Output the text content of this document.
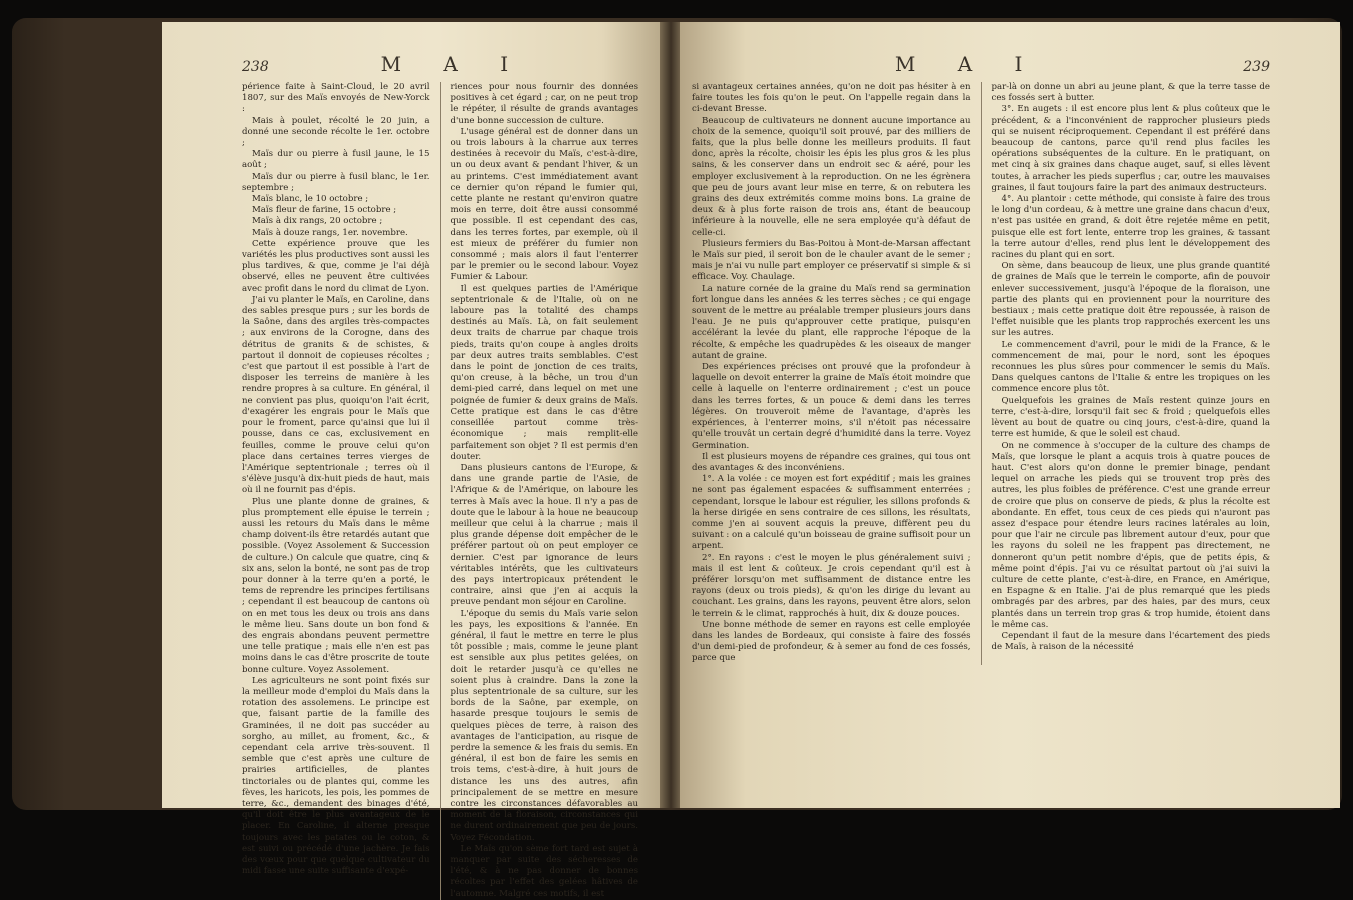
238	M A I

périence faite à Saint-Cloud, le 20 avril 1807, sur des Maïs envoyés de New-Yorck :

Mais à poulet, récolté le 20 juin, a donné une seconde récolte le 1er. octobre ;

Maïs dur ou pierre à fusil jaune, le 15 août ;

Maïs dur ou pierre à fusil blanc, le 1er. septembre ;

Maïs blanc, le 10 octobre ;

Maïs fleur de farine, 15 octobre ;

Maïs à dix rangs, 20 octobre ;

Maïs à douze rangs, 1er. novembre.

Cette expérience prouve que les variétés les plus productives sont aussi les plus tardives, & que, comme je l'ai déjà observé, elles ne peuvent être cultivées avec profit dans le nord du climat de Lyon.

J'ai vu planter le Maïs, en Caroline, dans des sables presque purs ; sur les bords de la Saône, dans des argiles très-compactes ; aux environs de la Corogne, dans des détritus de granits & de schistes, & partout il donnoit de copieuses récoltes ; c'est que partout il est possible à l'art de disposer les terreins de manière à les rendre propres à sa culture. En général, il ne convient pas plus, quoiqu'on l'ait écrit, d'exagérer les engrais pour le Maïs que pour le froment, parce qu'ainsi que lui il pousse, dans ce cas, exclusivement en feuilles, comme le prouve celui qu'on place dans certaines terres vierges de l'Amérique septentrionale ; terres où il s'élève jusqu'à dix-huit pieds de haut, mais où il ne fournit pas d'épis.

Plus une plante donne de graines, & plus promptement elle épuise le terrein ; aussi les retours du Maïs dans le même champ doivent-ils être retardés autant que possible. (Voyez Assolement & Succession de culture.) On calcule que quatre, cinq & six ans, selon la bonté, ne sont pas de trop pour donner à la terre qu'en a porté, le tems de reprendre les principes fertilisans ; cependant il est beaucoup de cantons où on en met tous les deux ou trois ans dans le même lieu. Sans doute un bon fond & des engrais abondans peuvent permettre une telle pratique ; mais elle n'en est pas moins dans le cas d'être proscrite de toute bonne culture. Voyez Assolement.

Les agriculteurs ne sont point fixés sur la meilleur mode d'emploi du Maïs dans la rotation des assolemens. Le principe est que, faisant partie de la famille des Graminées, il ne doit pas succéder au sorgho, au millet, au froment, &c., & cependant cela arrive très-souvent. Il semble que c'est après une culture de prairies artificielles, de plantes tinctoriales ou de plantes qui, comme les fèves, les haricots, les pois, les pommes de terre, &c., demandent des binages d'été, qu'il doit être le plus avantageux de le placer. En Caroline, il alterne presque toujours avec les patates ou le coton, & est suivi ou précédé d'une jachère. Je fais des vœux pour que quelque cultivateur du midi fasse une suite suffisante d'expé-

riences pour nous fournir des données positives à cet égard ; car, on ne peut trop le répéter, il résulte de grands avantages d'une bonne succession de culture.

L'usage général est de donner dans un ou trois labours à la charrue aux terres destinées à recevoir du Maïs, c'est-à-dire, un ou deux avant & pendant l'hiver, & un au printems. C'est immédiatement avant ce dernier qu'on répand le fumier qui, cette plante ne restant qu'environ quatre mois en terre, doit être aussi consommé que possible. Il est cependant des cas, dans les terres fortes, par exemple, où il est mieux de préférer du fumier non consommé ; mais alors il faut l'enterrer par le premier ou le second labour. Voyez Fumier & Labour.

Il est quelques parties de l'Amérique septentrionale & de l'Italie, où on ne laboure pas la totalité des champs destinés au Maïs. Là, on fait seulement deux traits de charrue par chaque trois pieds, traits qu'on coupe à angles droits par deux autres traits semblables. C'est dans le point de jonction de ces traits, qu'on creuse, à la bêche, un trou d'un demi-pied carré, dans lequel on met une poignée de fumier & deux grains de Maïs. Cette pratique est dans le cas d'être conseillée partout comme très-économique ; mais remplit-elle parfaitement son objet ? Il est permis d'en douter.

Dans plusieurs cantons de l'Europe, & dans une grande partie de l'Asie, de l'Afrique & de l'Amérique, on laboure les terres à Maïs avec la houe. Il n'y a pas de doute que le labour à la houe ne beaucoup meilleur que celui à la charrue ; mais il plus grande dépense doit empêcher de le préférer partout où on peut employer ce dernier. C'est par ignorance de leurs véritables intérêts, que les cultivateurs des pays intertropicaux prétendent le contraire, ainsi que j'en ai acquis la preuve pendant mon séjour en Caroline.

L'époque du semis du Maïs varie selon les pays, les expositions & l'année. En général, il faut le mettre en terre le plus tôt possible ; mais, comme le jeune plant est sensible aux plus petites gelées, on doit le retarder jusqu'à ce qu'elles ne soient plus à craindre. Dans la zone la plus septentrionale de sa culture, sur les bords de la Saône, par exemple, on hasarde presque toujours le semis de quelques pièces de terre, à raison des avantages de l'anticipation, au risque de perdre la semence & les frais du semis. En général, il est bon de faire les semis en trois tems, c'est-à-dire, à huit jours de distance les uns des autres, afin principalement de se mettre en mesure contre les circonstances défavorables au moment de la floraison, circonstances qui ne durent ordinairement que peu de jours. Voyez Fécondation.

Le Maïs qu'on sème fort tard est sujet à manquer par suite des sécheresses de l'été, & à ne pas donner de bonnes récoltes par l'effet des gelées hâtives de l'automne. Malgré ces motifs, il est

M A I	239

si avantageux certaines années, qu'on ne doit pas hésiter à en faire toutes les fois qu'on le peut. On l'appelle regain dans la ci-devant Bresse.

Beaucoup de cultivateurs ne donnent aucune importance au choix de la semence, quoiqu'il soit prouvé, par des milliers de faits, que la plus belle donne les meilleurs produits. Il faut donc, après la récolte, choisir les épis les plus gros & les plus sains, & les conserver dans un endroit sec & aéré, pour les employer exclusivement à la reproduction. On ne les égrènera que peu de jours avant leur mise en terre, & on rebutera les grains des deux extrémités comme moins bons. La graine de deux & à plus forte raison de trois ans, étant de beaucoup inférieure à la nouvelle, elle ne sera employée qu'à défaut de celle-ci.

Plusieurs fermiers du Bas-Poitou à Mont-de-Marsan affectant le Maïs sur pied, il seroit bon de le chauler avant de le semer ; mais je n'ai vu nulle part employer ce préservatif si simple & si efficace. Voy. Chaulage.

La nature cornée de la graine du Maïs rend sa germination fort longue dans les années & les terres sèches ; ce qui engage souvent de le mettre au préalable tremper plusieurs jours dans l'eau. Je ne puis qu'approuver cette pratique, puisqu'en accélérant la levée du plant, elle rapproche l'époque de la récolte, & empêche les quadrupèdes & les oiseaux de manger autant de graine.

Des expériences précises ont prouvé que la profondeur à laquelle on devoit enterrer la graine de Maïs étoit moindre que celle à laquelle on l'enterre ordinairement ; c'est un pouce dans les terres fortes, & un pouce & demi dans les terres légères. On trouveroit même de l'avantage, d'après les expériences, à l'enterrer moins, s'il n'étoit pas nécessaire qu'elle trouvât un certain degré d'humidité dans la terre. Voyez Germination.

Il est plusieurs moyens de répandre ces graines, qui tous ont des avantages & des inconvéniens.

1°. A la volée : ce moyen est fort expéditif ; mais les graines ne sont pas également espacées & suffisamment enterrées ; cependant, lorsque le labour est régulier, les sillons profonds & la herse dirigée en sens contraire de ces sillons, les résultats, comme j'en ai souvent acquis la preuve, diffèrent peu du suivant : on a calculé qu'un boisseau de graine suffisoit pour un arpent.

2°. En rayons : c'est le moyen le plus généralement suivi ; mais il est lent & coûteux. Je crois cependant qu'il est à préférer lorsqu'on met suffisamment de distance entre les rayons (deux ou trois pieds), & qu'on les dirige du levant au couchant. Les grains, dans les rayons, peuvent être alors, selon le terrein & le climat, rapprochés à huit, dix & douze pouces.

Une bonne méthode de semer en rayons est celle employée dans les landes de Bordeaux, qui consiste à faire des fossés d'un demi-pied de profondeur, & à semer au fond de ces fossés, parce que

par-là on donne un abri au jeune plant, & que la terre tasse de ces fossés sert à butter.

3°. En augets : il est encore plus lent & plus coûteux que le précédent, & a l'inconvénient de rapprocher plusieurs pieds qui se nuisent réciproquement. Cependant il est préféré dans beaucoup de cantons, parce qu'il rend plus faciles les opérations subséquentes de la culture. En le pratiquant, on met cinq à six graines dans chaque auget, sauf, si elles lèvent toutes, à arracher les pieds superflus ; car, outre les mauvaises graines, il faut toujours faire la part des animaux destructeurs.

4°. Au plantoir : cette méthode, qui consiste à faire des trous le long d'un cordeau, & à mettre une graine dans chacun d'eux, n'est pas usitée en grand, & doit être rejetée même en petit, puisque elle est fort lente, enterre trop les graines, & tassant la terre autour d'elles, rend plus lent le développement des racines du plant qui en sort.

On sème, dans beaucoup de lieux, une plus grande quantité de graines de Maïs que le terrein le comporte, afin de pouvoir enlever successivement, jusqu'à l'époque de la floraison, une partie des plants qui en proviennent pour la nourriture des bestiaux ; mais cette pratique doit être repoussée, à raison de l'effet nuisible que les plants trop rapprochés exercent les uns sur les autres.

Le commencement d'avril, pour le midi de la France, & le commencement de mai, pour le nord, sont les époques reconnues les plus sûres pour commencer le semis du Maïs. Dans quelques cantons de l'Italie & entre les tropiques on les commence encore plus tôt.

Quelquefois les graines de Maïs restent quinze jours en terre, c'est-à-dire, lorsqu'il fait sec & froid ; quelquefois elles lèvent au bout de quatre ou cinq jours, c'est-à-dire, quand la terre est humide, & que le soleil est chaud.

On ne commence à s'occuper de la culture des champs de Maïs, que lorsque le plant a acquis trois à quatre pouces de haut. C'est alors qu'on donne le premier binage, pendant lequel on arrache les pieds qui se trouvent trop près des autres, les plus foibles de préférence. C'est une grande erreur de croire que plus on conserve de pieds, & plus la récolte est abondante. En effet, tous ceux de ces pieds qui n'auront pas assez d'espace pour étendre leurs racines latérales au loin, pour que l'air ne circule pas librement autour d'eux, pour que les rayons du soleil ne les frappent pas directement, ne donneront qu'un petit nombre d'épis, que de petits épis, & même point d'épis. J'ai vu ce résultat partout où j'ai suivi la culture de cette plante, c'est-à-dire, en France, en Amérique, en Espagne & en Italie. J'ai de plus remarqué que les pieds ombragés par des arbres, par des haies, par des murs, ceux plantés dans un terrein trop gras & trop humide, étoient dans le même cas.

Cependant il faut de la mesure dans l'écartement des pieds de Maïs, à raison de la nécessité
